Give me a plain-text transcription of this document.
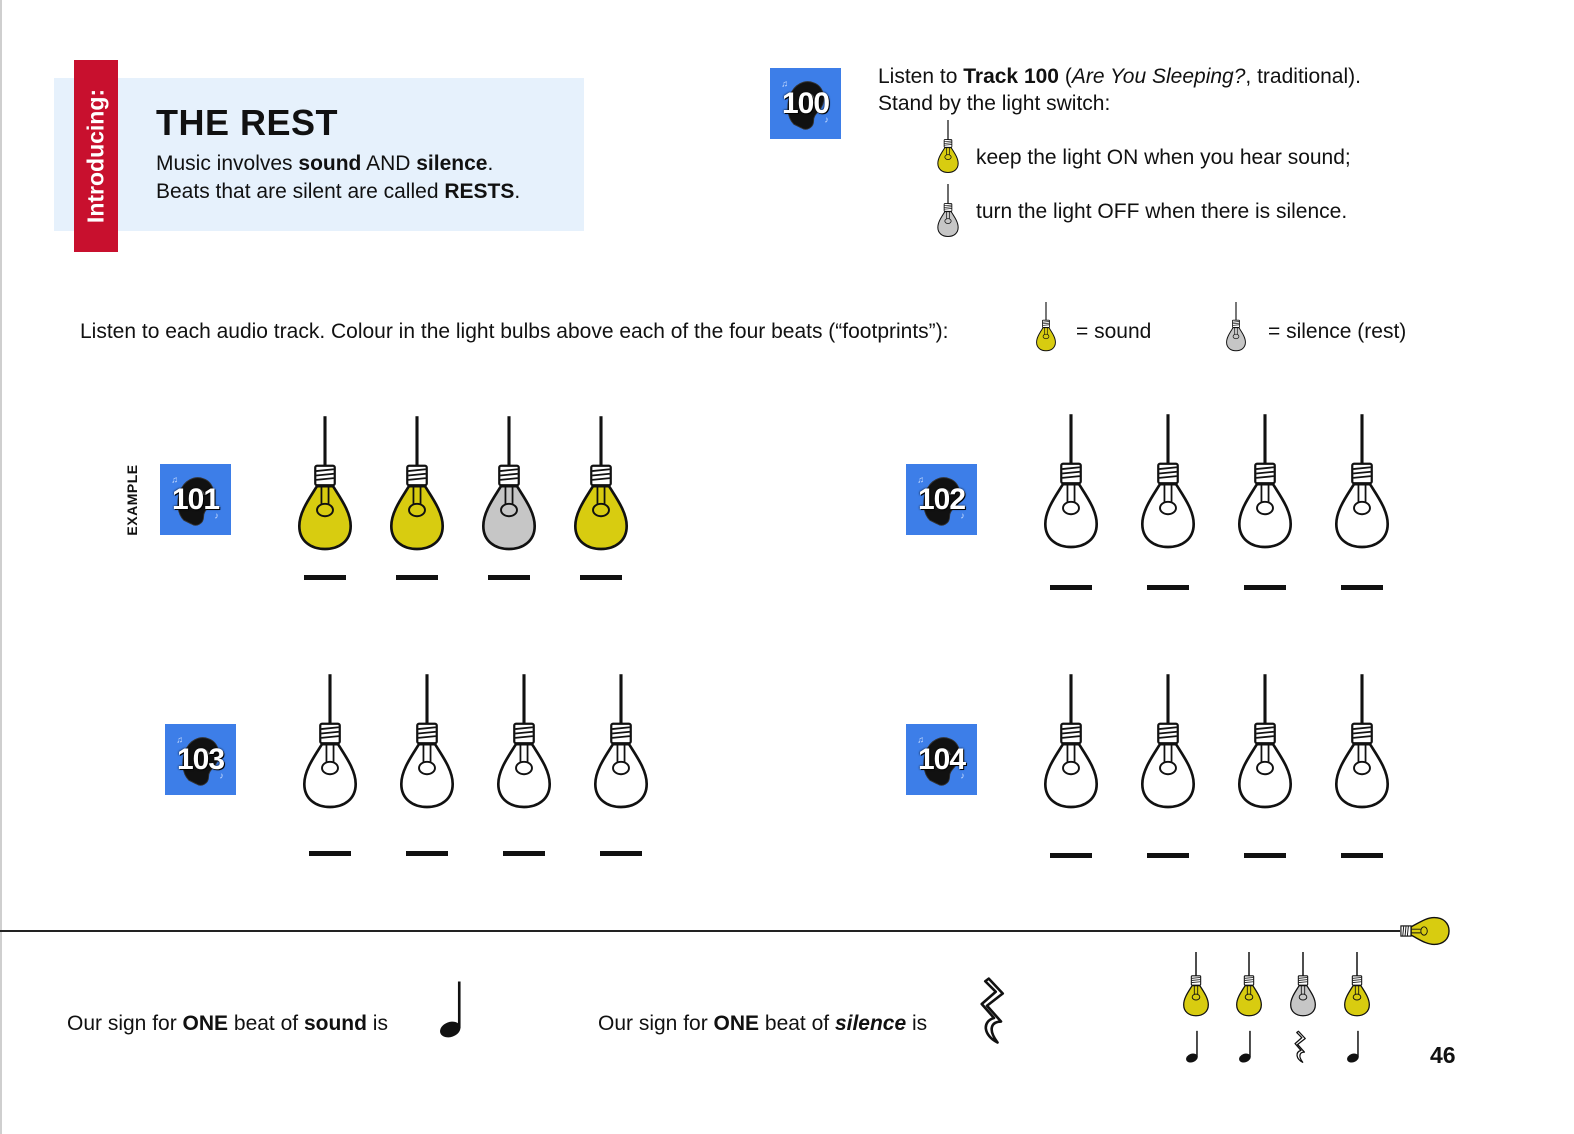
Introducing: THE REST
Music involves sound AND silence.
Beats that are silent are called RESTS.
100
Listen to Track 100 (Are You Sleeping?, traditional).
Stand by the light switch:
keep the light ON when you hear sound;
turn the light OFF when there is silence.
Listen to each audio track. Colour in the light bulbs above each of the four beats (“footprints”):	= sound	= silence (rest)
EXAMPLE 101	102
103	104
Our sign for ONE beat of sound is	Our sign for ONE beat of silence is
46
